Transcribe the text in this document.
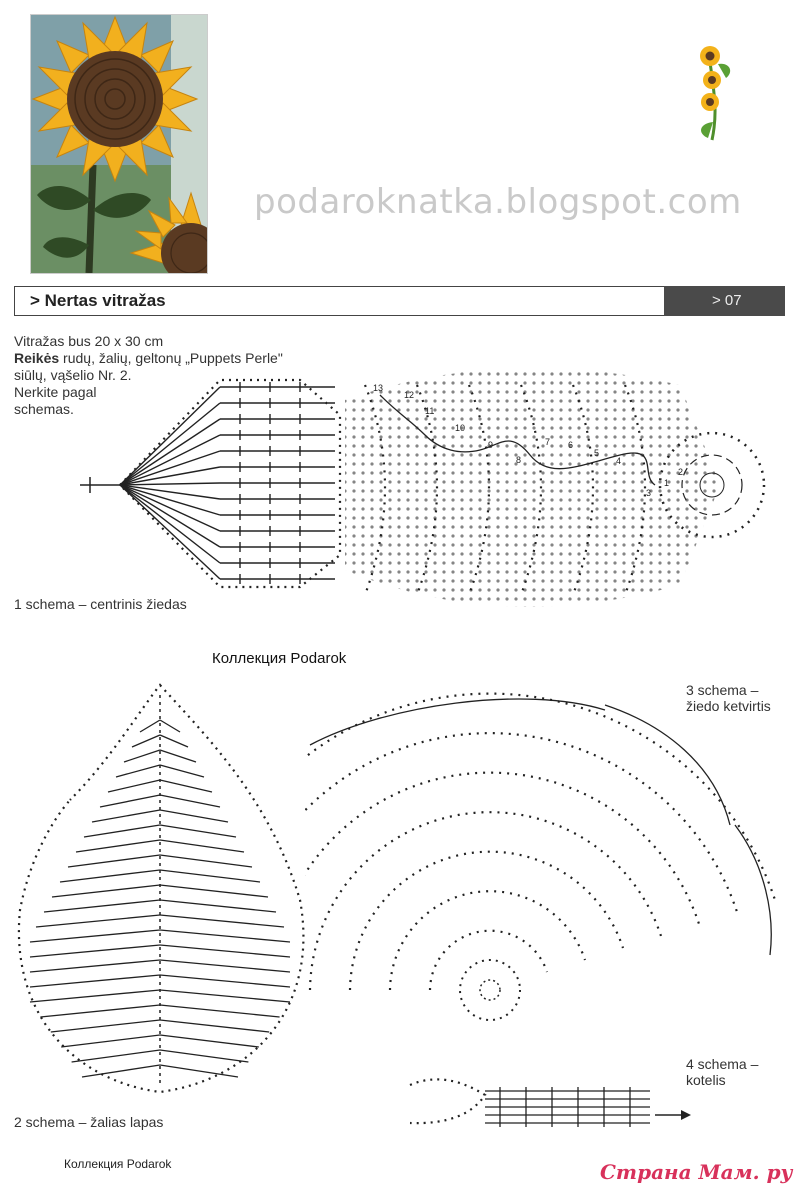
podaroknatka.blogspot.com
> Nertas vitražas	> 07
Vitražas bus 20 x 30 cm
Reikės rudų, žalių, geltonų „Puppets Perle"
siūlų, vąšelio Nr. 2.
Nerkite pagal
schemas.
13
12
11
10
9
8
7 6
5
4
3
2
1
1 schema – centrinis žiedas
Коллекция Podarok
2 schema – žalias lapas
3 schema –
žiedo ketvirtis
4 schema –
kotelis
Коллекция Podarok	Страна Мам. ру
